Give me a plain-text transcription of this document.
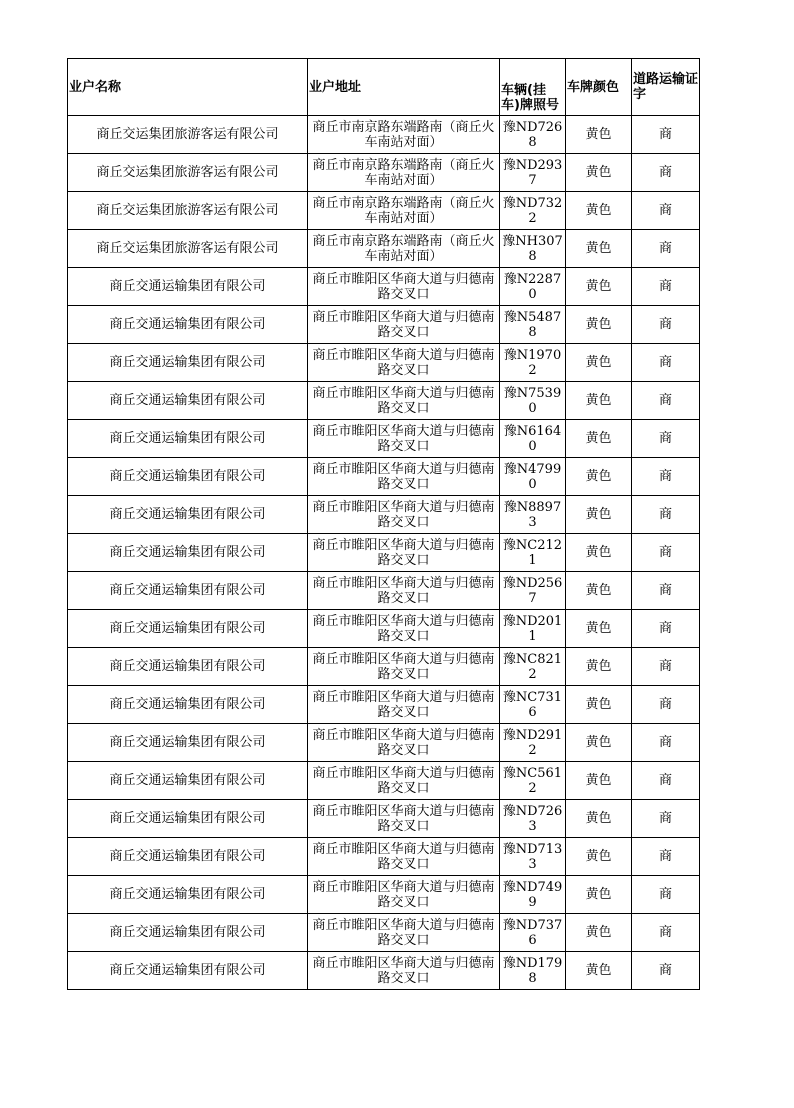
业户名称	业户地址	车辆(挂车)牌照号	车牌颜色	道路运输证字
商丘交运集团旅游客运有限公司	商丘市南京路东端路南（商丘火车南站对面）	豫ND7268	黄色	商
商丘交运集团旅游客运有限公司	商丘市南京路东端路南（商丘火车南站对面）	豫ND2937	黄色	商
商丘交运集团旅游客运有限公司	商丘市南京路东端路南（商丘火车南站对面）	豫ND7322	黄色	商
商丘交运集团旅游客运有限公司	商丘市南京路东端路南（商丘火车南站对面）	豫NH3078	黄色	商
商丘交通运输集团有限公司	商丘市睢阳区华商大道与归德南路交叉口	豫N22870	黄色	商
商丘交通运输集团有限公司	商丘市睢阳区华商大道与归德南路交叉口	豫N54878	黄色	商
商丘交通运输集团有限公司	商丘市睢阳区华商大道与归德南路交叉口	豫N19702	黄色	商
商丘交通运输集团有限公司	商丘市睢阳区华商大道与归德南路交叉口	豫N75390	黄色	商
商丘交通运输集团有限公司	商丘市睢阳区华商大道与归德南路交叉口	豫N61640	黄色	商
商丘交通运输集团有限公司	商丘市睢阳区华商大道与归德南路交叉口	豫N47990	黄色	商
商丘交通运输集团有限公司	商丘市睢阳区华商大道与归德南路交叉口	豫N88973	黄色	商
商丘交通运输集团有限公司	商丘市睢阳区华商大道与归德南路交叉口	豫NC2121	黄色	商
商丘交通运输集团有限公司	商丘市睢阳区华商大道与归德南路交叉口	豫ND2567	黄色	商
商丘交通运输集团有限公司	商丘市睢阳区华商大道与归德南路交叉口	豫ND2011	黄色	商
商丘交通运输集团有限公司	商丘市睢阳区华商大道与归德南路交叉口	豫NC8212	黄色	商
商丘交通运输集团有限公司	商丘市睢阳区华商大道与归德南路交叉口	豫NC7316	黄色	商
商丘交通运输集团有限公司	商丘市睢阳区华商大道与归德南路交叉口	豫ND2912	黄色	商
商丘交通运输集团有限公司	商丘市睢阳区华商大道与归德南路交叉口	豫NC5612	黄色	商
商丘交通运输集团有限公司	商丘市睢阳区华商大道与归德南路交叉口	豫ND7263	黄色	商
商丘交通运输集团有限公司	商丘市睢阳区华商大道与归德南路交叉口	豫ND7133	黄色	商
商丘交通运输集团有限公司	商丘市睢阳区华商大道与归德南路交叉口	豫ND7499	黄色	商
商丘交通运输集团有限公司	商丘市睢阳区华商大道与归德南路交叉口	豫ND7376	黄色	商
商丘交通运输集团有限公司	商丘市睢阳区华商大道与归德南路交叉口	豫ND1798	黄色	商
